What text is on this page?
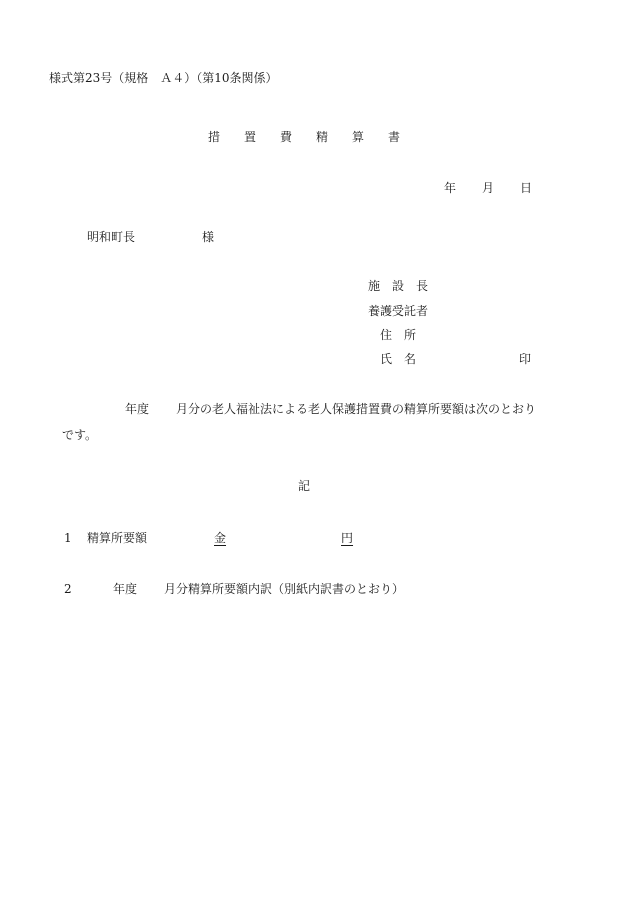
様式第23号（規格　Ａ４）（第10条関係）
措 置 費 精 算 書
年 月 日
明和町長	様
施　設　長
養護受託者
住　所
氏　名	印
年度 月分の老人福祉法による老人保護措置費の精算所要額は次のとおり
です。
記
1 精算所要額	金	円
2	年度 月分精算所要額内訳（別紙内訳書のとおり）
